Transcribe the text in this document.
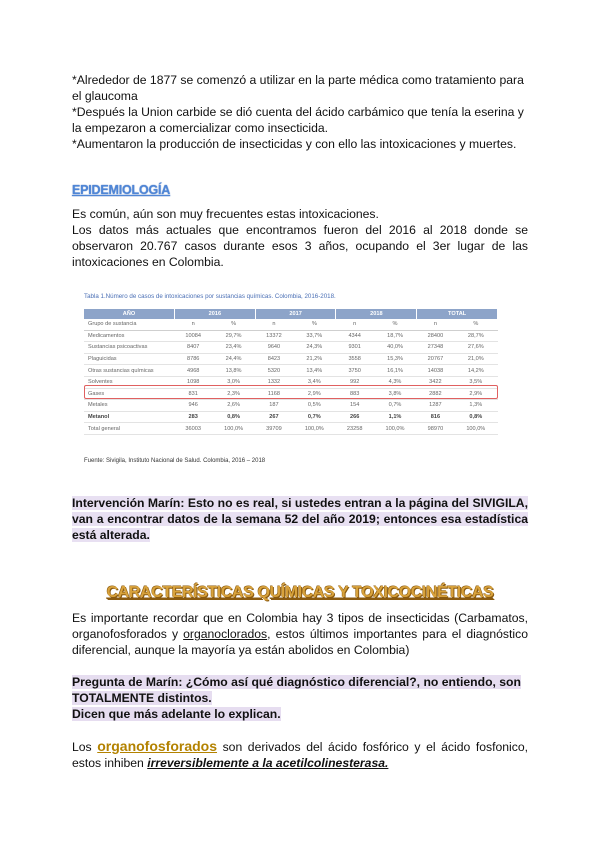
*Alrededor de 1877 se comenzó a utilizar en la parte médica como tratamiento para el glaucoma
*Después la Union carbide se dió cuenta del ácido carbámico que tenía la eserina y la empezaron a comercializar como insecticida.
*Aumentaron la producción de insecticidas y con ello las intoxicaciones y muertes.
EPIDEMIOLOGÍA
Es común, aún son muy frecuentes estas intoxicaciones.
Los datos más actuales que encontramos fueron del 2016 al 2018 donde se observaron 20.767 casos durante esos 3 años, ocupando el 3er lugar de las intoxicaciones en Colombia.
Tabla 1.Número de casos de intoxicaciones por sustancias químicas. Colombia, 2016-2018.
AÑO	2016		2017		2018		TOTAL	
Grupo de sustancia	n	%	n	%	n	%	n	%
Medicamentos	10084	29,7%	13372	33,7%	4344	18,7%	28400	28,7%
Sustancias psicoactivas	8407	23,4%	9640	24,3%	9301	40,0%	27348	27,6%
Plaguicidas	8786	24,4%	8423	21,2%	3558	15,3%	20767	21,0%
Otras sustancias químicas	4968	13,8%	5320	13,4%	3750	16,1%	14038	14,2%
Solventes	1098	3,0%	1332	3,4%	992	4,3%	3422	3,5%
Gases	831	2,3%	1168	2,9%	883	3,8%	2882	2,9%
Metales	946	2,6%	187	0,5%	154	0,7%	1287	1,3%
Metanol	283	0,8%	267	0,7%	266	1,1%	816	0,8%
Total general	36003	100,0%	39709	100,0%	23258	100,0%	98970	100,0%
Fuente: Sivigila, Instituto Nacional de Salud. Colombia, 2016 – 2018
Intervención Marín: Esto no es real, si ustedes entran a la página del SIVIGILA, van a encontrar datos de la semana 52 del año 2019; entonces esa estadística está alterada.
CARACTERÍSTICAS QUÍMICAS Y TOXICOCINÉTICAS
Es importante recordar que en Colombia hay 3 tipos de insecticidas (Carbamatos, organofosforados y organoclorados, estos últimos importantes para el diagnóstico diferencial, aunque la mayoría ya están abolidos en Colombia)
Pregunta de Marín: ¿Cómo así qué diagnóstico diferencial?, no entiendo, son TOTALMENTE distintos.
Dicen que más adelante lo explican.
Los organofosforados son derivados del ácido fosfórico y el ácido fosfonico, estos inhiben irreversiblemente a la acetilcolinesterasa.
